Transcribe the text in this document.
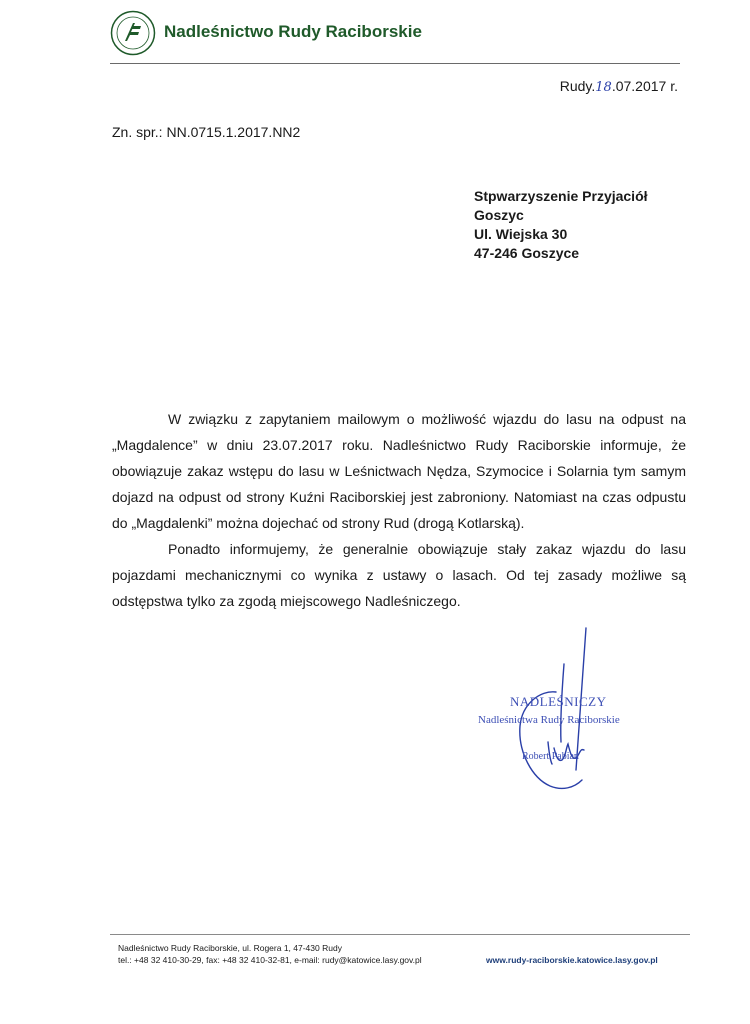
Nadleśnictwo Rudy Raciborskie
Rudy.18.07.2017 r.
Zn. spr.: NN.0715.1.2017.NN2
Stpwarzyszenie Przyjaciół
Goszyc
Ul. Wiejska 30
47-246 Goszyce

W związku z zapytaniem mailowym o możliwość wjazdu do lasu na odpust na „Magdalence” w dniu 23.07.2017 roku. Nadleśnictwo Rudy Raciborskie informuje, że obowiązuje zakaz wstępu do lasu w Leśnictwach Nędza, Szymocice i Solarnia tym samym dojazd na odpust od strony Kuźni Raciborskiej jest zabroniony. Natomiast na czas odpustu do „Magdalenki” można dojechać od strony Rud (drogą Kotlarską).

Ponadto informujemy, że generalnie obowiązuje stały zakaz wjazdu do lasu pojazdami mechanicznymi co wynika z ustawy o lasach. Od tej zasady możliwe są odstępstwa tylko za zgodą miejscowego Nadleśniczego.

NADLEŚNICZY
Nadleśnictwa Rudy Raciborskie
Robert Pabian
Nadleśnictwo Rudy Raciborskie, ul. Rogera 1, 47-430 Rudy
tel.: +48 32 410-30-29, fax: +48 32 410-32-81, e-mail: rudy@katowice.lasy.gov.pl	www.rudy-raciborskie.katowice.lasy.gov.pl
